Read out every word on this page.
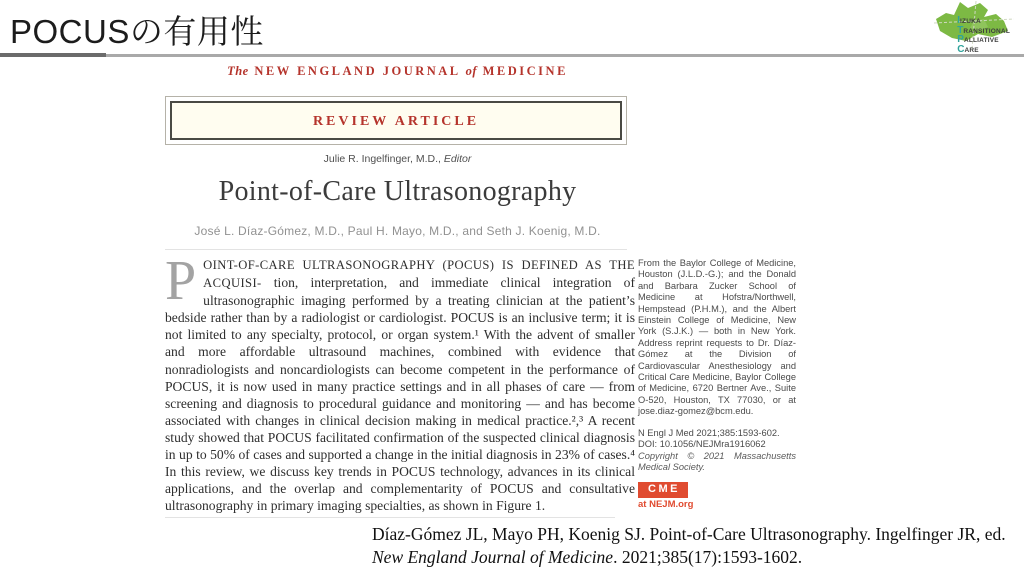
POCUSの有用性	IIZUKA
TRANSITIONAL
PALLIATIVE
CARE
The NEW ENGLAND JOURNAL of MEDICINE
REVIEW ARTICLE
Julie R. Ingelfinger, M.D., Editor
Point-of-Care Ultrasonography
José L. Díaz-Gómez, M.D., Paul H. Mayo, M.D., and Seth J. Koenig, M.D.
POINT-OF-CARE ULTRASONOGRAPHY (POCUS) IS DEFINED AS THE ACQUISI- tion, interpretation, and immediate clinical integration of ultrasonographic imaging performed by a treating clinician at the patient’s bedside rather than by a radiologist or cardiologist. POCUS is an inclusive term; it is not limited to any specialty, protocol, or organ system.¹ With the advent of smaller and more affordable ultrasound machines, combined with evidence that nonradiologists and noncardiologists can become competent in the performance of POCUS, it is now used in many practice settings and in all phases of care — from screening and diagnosis to procedural guidance and monitoring — and has become associated with changes in clinical decision making in medical practice.²,³ A recent study showed that POCUS facilitated confirmation of the suspected clinical diagnosis in up to 50% of cases and supported a change in the initial diagnosis in 23% of cases.⁴ In this review, we discuss key trends in POCUS technology, advances in its clinical applications, and the overlap and complementarity of POCUS and consultative ultrasonography in primary imaging specialties, as shown in Figure 1.
From the Baylor College of Medicine, Houston (J.L.D.-G.); and the Donald and Barbara Zucker School of Medicine at Hofstra/Northwell, Hempstead (P.H.M.), and the Albert Einstein College of Medicine, New York (S.J.K.) — both in New York. Address reprint requests to Dr. Díaz-Gómez at the Division of Cardiovascular Anesthesiology and Critical Care Medicine, Baylor College of Medicine, 6720 Bertner Ave., Suite O-520, Houston, TX 77030, or at jose.diaz-gomez@bcm.edu.
N Engl J Med 2021;385:1593-602.
DOI: 10.1056/NEJMra1916062
Copyright © 2021 Massachusetts Medical Society.
CME
at NEJM.org
Díaz-Gómez JL, Mayo PH, Koenig SJ. Point-of-Care Ultrasonography. Ingelfinger JR, ed.
New England Journal of Medicine. 2021;385(17):1593-1602.
